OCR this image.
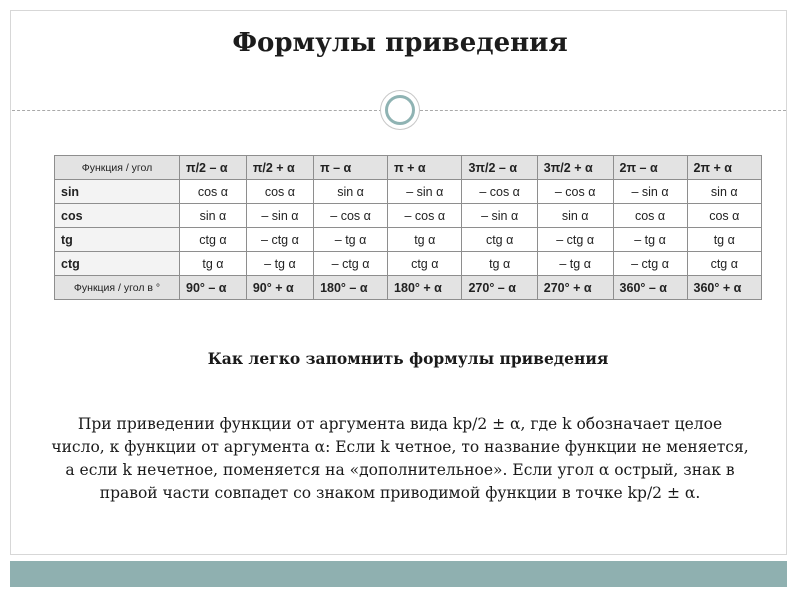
Формулы приведения
Функция / угол	π/2 – α	π/2 + α	π – α	π + α	3π/2 – α	3π/2 + α	2π – α	2π + α
sin	cos α	cos α	sin α	– sin α	– cos α	– cos α	– sin α	sin α
cos	sin α	– sin α	– cos α	– cos α	– sin α	sin α	cos α	cos α
tg	ctg α	– ctg α	– tg α	tg α	ctg α	– ctg α	– tg α	tg α
ctg	tg α	– tg α	– ctg α	ctg α	tg α	– tg α	– ctg α	ctg α
Функция / угол в °	90° – α	90° + α	180° – α	180° + α	270° – α	270° + α	360° – α	360° + α
Как легко запомнить формулы приведения

При приведении функции от аргумента вида kp/2 ± α, где k обозначает целое число, к функции от аргумента α: Если k четное, то название функции не меняется, а если k нечетное, поменяется на «дополнительное». Если угол α острый, знак в правой части совпадет со знаком приводимой функции в точке kp/2 ± α.
